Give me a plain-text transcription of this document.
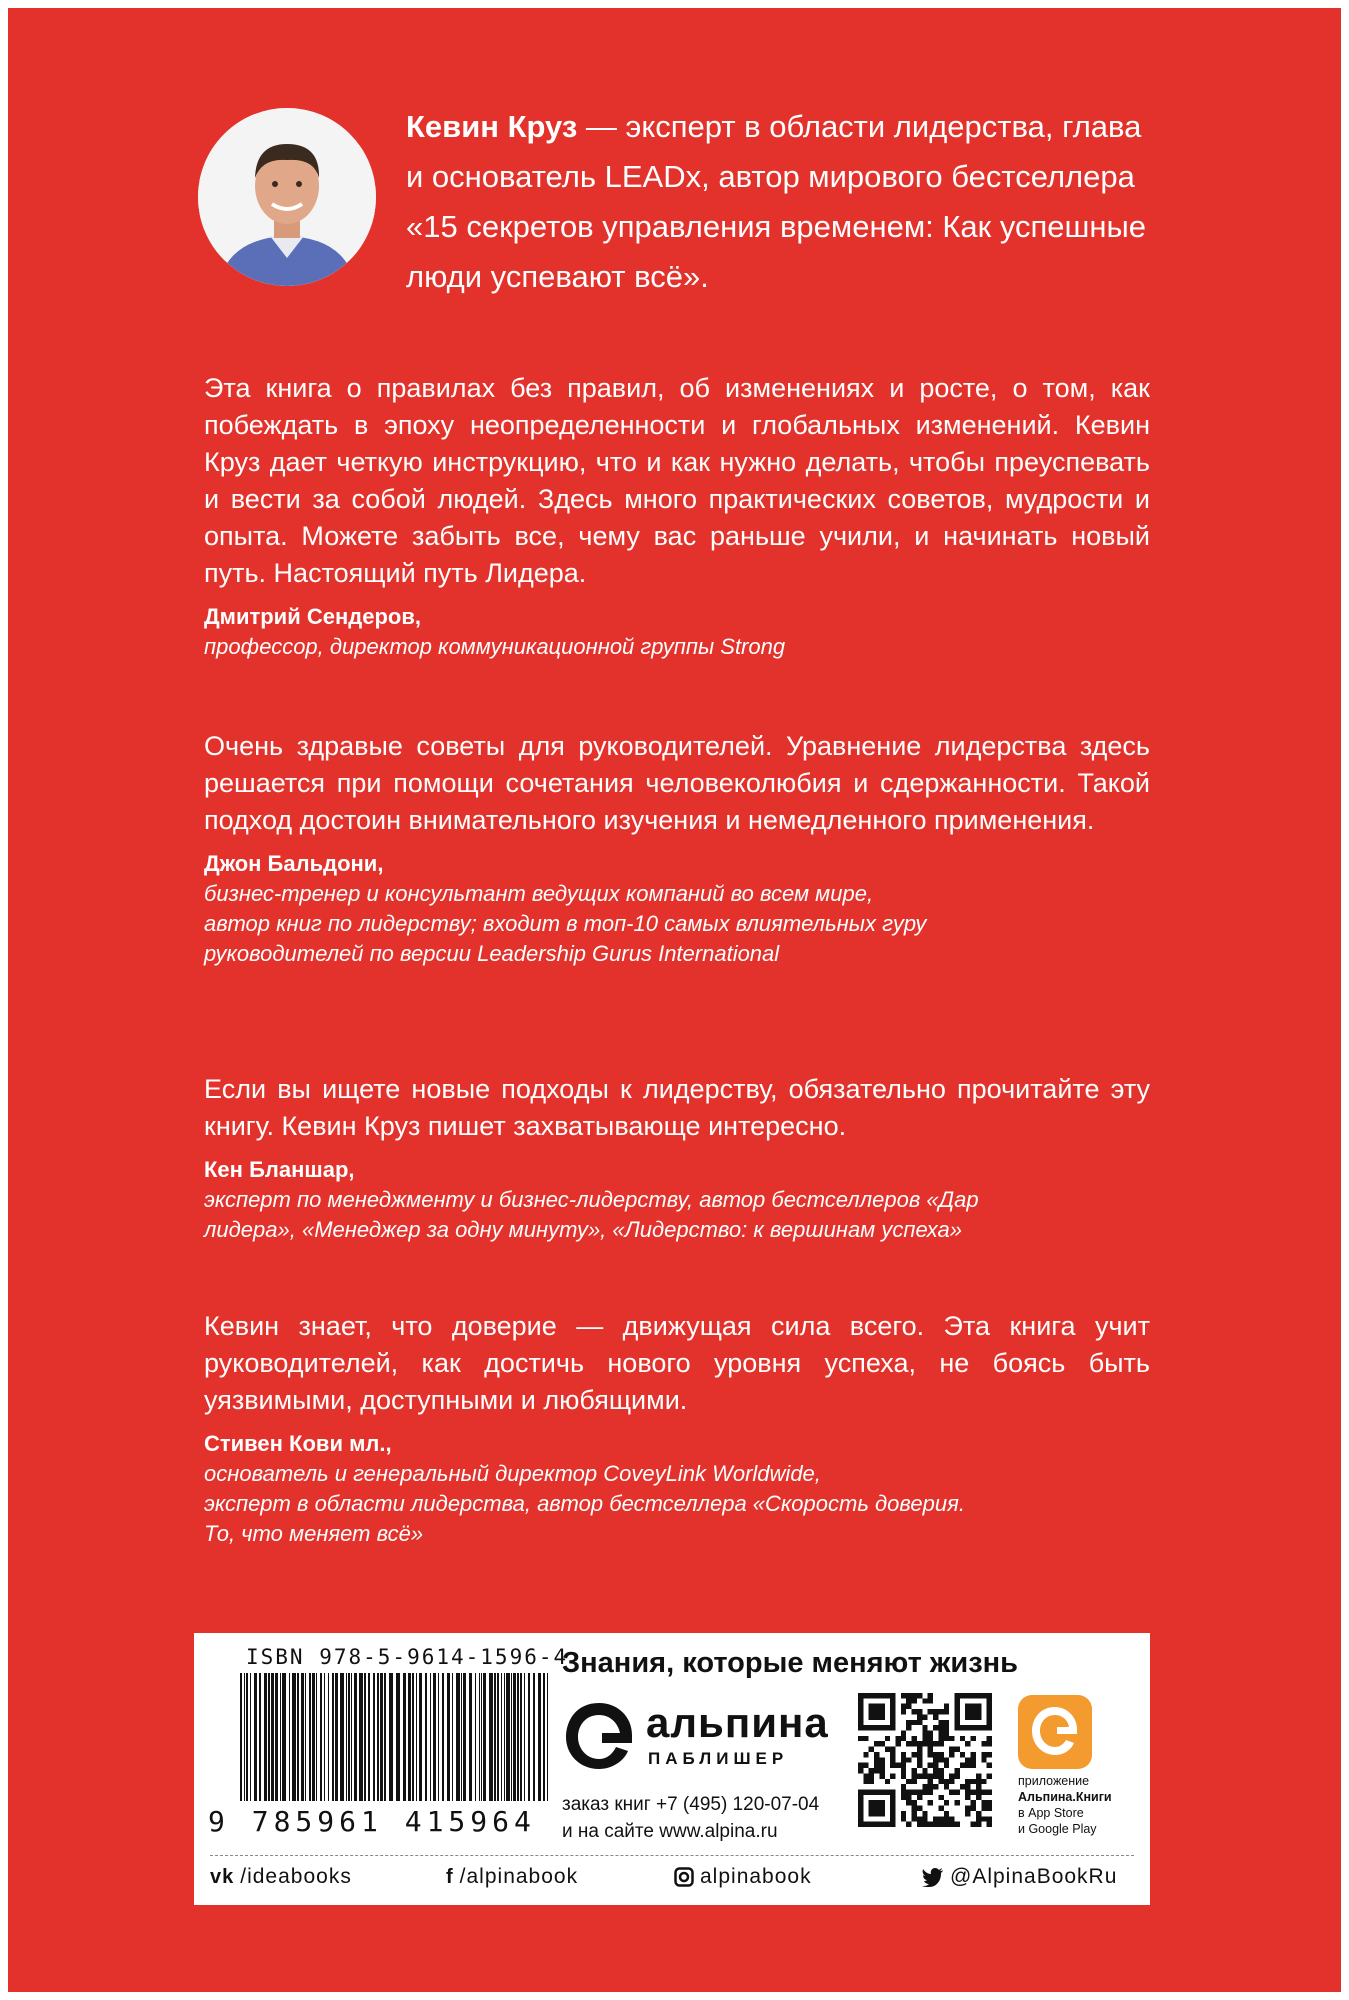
Кевин Круз — эксперт в области лидерства, глава и основатель LEADx, автор мирового бестселлера «15 секретов управления временем: Как успешные люди успевают всё».

Эта книга о правилах без правил, об изменениях и росте, о том, как побеждать в эпоху неопределенности и глобальных изменений. Кевин Круз дает четкую инструкцию, что и как нужно делать, чтобы преуспевать и вести за собой людей. Здесь много практических советов, мудрости и опыта. Можете забыть все, чему вас раньше учили, и начинать новый путь. Настоящий путь Лидера.

Дмитрий Сендеров,
профессор, директор коммуникационной группы Strong

Очень здравые советы для руководителей. Уравнение лидерства здесь решается при помощи сочетания человеколюбия и сдержанности. Такой подход достоин внимательного изучения и немедленного применения.

Джон Бальдони,
бизнес-тренер и консультант ведущих компаний во всем мире,
автор книг по лидерству; входит в топ-10 самых влиятельных гуру
руководителей по версии Leadership Gurus International

Если вы ищете новые подходы к лидерству, обязательно прочитайте эту книгу. Кевин Круз пишет захватывающе интересно.

Кен Бланшар,
эксперт по менеджменту и бизнес-лидерству, автор бестселлеров «Дар
лидера», «Менеджер за одну минуту», «Лидерство: к вершинам успеха»

Кевин знает, что доверие — движущая сила всего. Эта книга учит руководителей, как достичь нового уровня успеха, не боясь быть уязвимыми, доступными и любящими.

Стивен Кови мл.,
основатель и генеральный директор CoveyLink Worldwide,
эксперт в области лидерства, автор бестселлера «Скорость доверия.
То, что меняет всё»
ISBN 978-5-9614-1596-4
9 785961 415964
Знания, которые меняют жизнь
альпина
ПАБЛИШЕР
заказ книг +7 (495) 120-07-04
и на сайте www.alpina.ru
приложение
Альпина.Книги
в App Store
и Google Play
vk /ideabooks	f /alpinabook	alpinabook	@AlpinaBookRu
